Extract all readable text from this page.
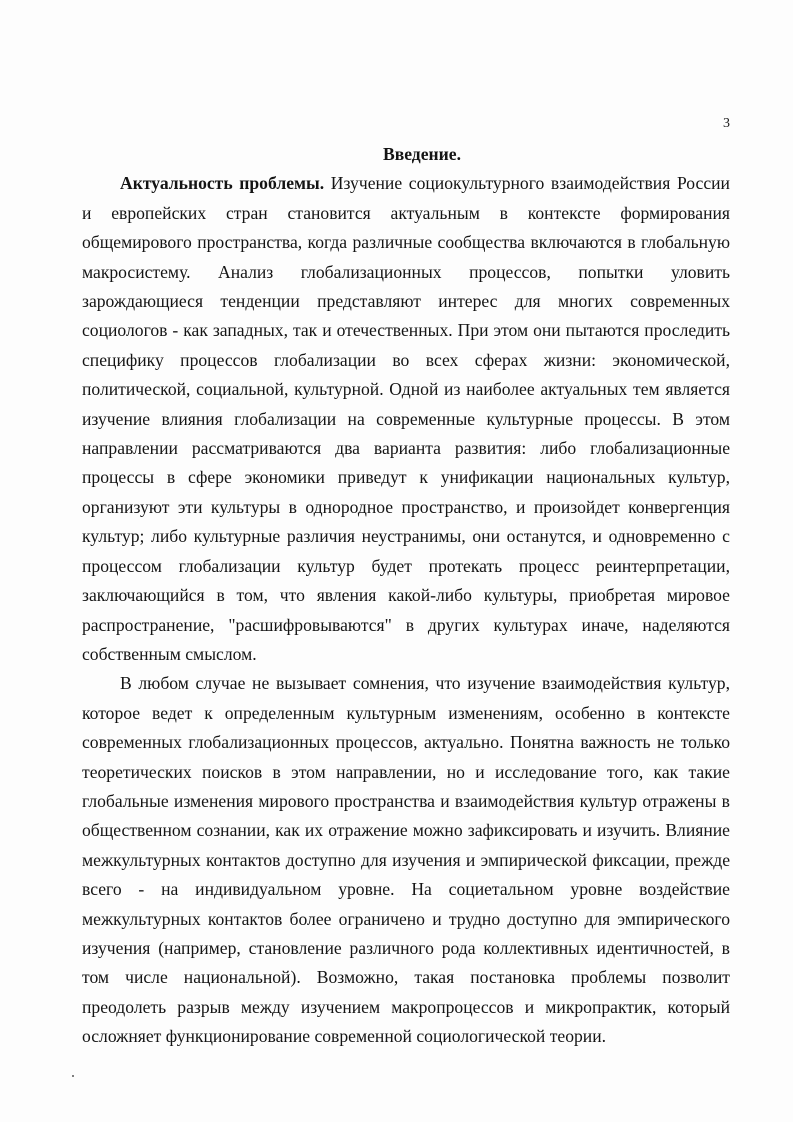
3

Введение.

Актуальность проблемы. Изучение социокультурного взаимодействия России и европейских стран становится актуальным в контексте формирования общемирового пространства, когда различные сообщества включаются в глобальную макросистему. Анализ глобализационных процессов, попытки уловить зарождающиеся тенденции представляют интерес для многих современных социологов - как западных, так и отечественных. При этом они пытаются проследить специфику процессов глобализации во всех сферах жизни: экономической, политической, социальной, культурной. Одной из наиболее актуальных тем является изучение влияния глобализации на современные культурные процессы. В этом направлении рассматриваются два варианта развития: либо глобализационные процессы в сфере экономики приведут к унификации национальных культур, организуют эти культуры в однородное пространство, и произойдет конвергенция культур; либо культурные различия неустранимы, они останутся, и одновременно с процессом глобализации культур будет протекать процесс реинтерпретации, заключающийся в том, что явления какой-либо культуры, приобретая мировое распространение, "расшифровываются" в других культурах иначе, наделяются собственным смыслом.

В любом случае не вызывает сомнения, что изучение взаимодействия культур, которое ведет к определенным культурным изменениям, особенно в контексте современных глобализационных процессов, актуально. Понятна важность не только теоретических поисков в этом направлении, но и исследование того, как такие глобальные изменения мирового пространства и взаимодействия культур отражены в общественном сознании, как их отражение можно зафиксировать и изучить. Влияние межкультурных контактов доступно для изучения и эмпирической фиксации, прежде всего - на индивидуальном уровне. На социетальном уровне воздействие межкультурных контактов более ограничено и трудно доступно для эмпирического изучения (например, становление различного рода коллективных идентичностей, в том числе национальной). Возможно, такая постановка проблемы позволит преодолеть разрыв между изучением макропроцессов и микропрактик, который осложняет функционирование современной социологической теории.
